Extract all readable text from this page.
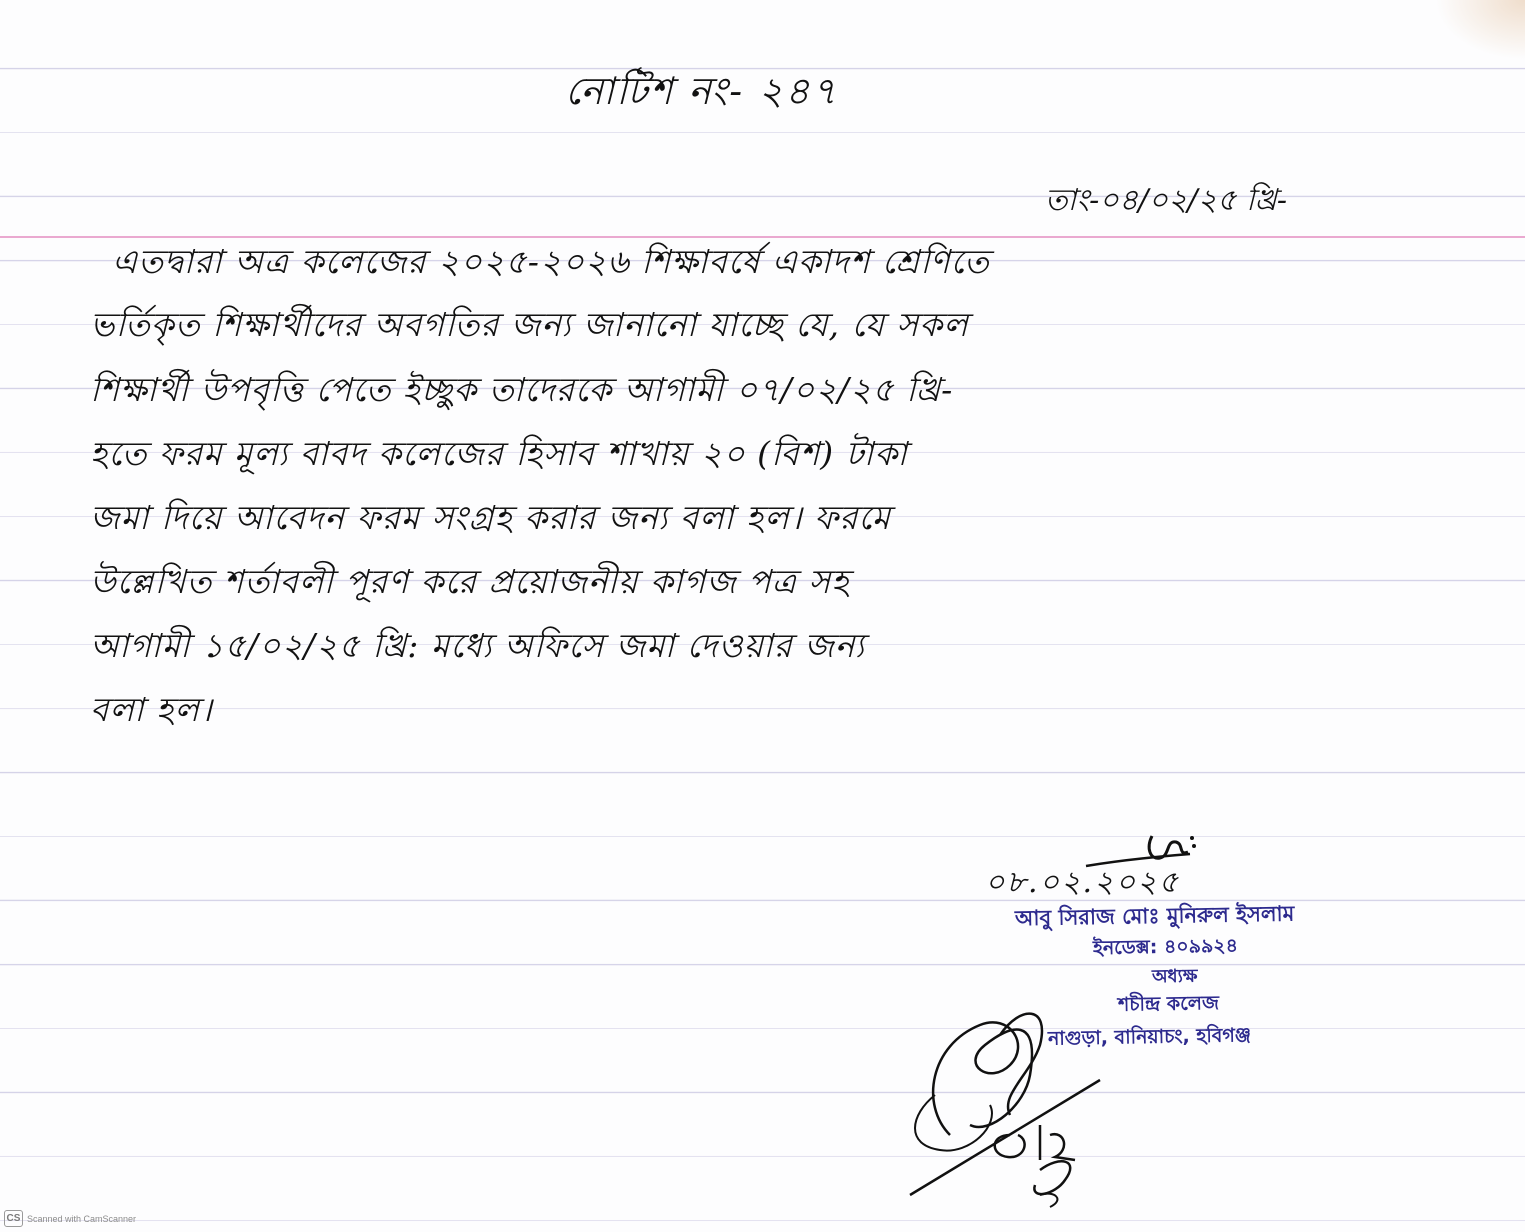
নোটিশ নং- ২৪৭
তাং-০৪/০২/২৫ খ্রি-
এতদ্বারা অত্র কলেজের ২০২৫-২০২৬ শিক্ষাবর্ষে একাদশ শ্রেণিতে
ভর্তিকৃত শিক্ষার্থীদের অবগতির জন্য জানানো যাচ্ছে যে, যে সকল
শিক্ষার্থী উপবৃত্তি পেতে ইচ্ছুক তাদেরকে আগামী ০৭/০২/২৫ খ্রি-
হতে ফরম মূল্য বাবদ কলেজের হিসাব শাখায় ২০ (বিশ) টাকা
জমা দিয়ে আবেদন ফরম সংগ্রহ করার জন্য বলা হল। ফরমে
উল্লেখিত শর্তাবলী পূরণ করে প্রয়োজনীয় কাগজ পত্র সহ
আগামী ১৫/০২/২৫ খ্রি: মধ্যে অফিসে জমা দেওয়ার জন্য
বলা হল।
০৮.০২.২০২৫
আবু সিরাজ মোঃ মুনিরুল ইসলাম
ইনডেক্স: ৪০৯৯২৪
অধ্যক্ষ
শচীন্দ্র কলেজ
নাগুড়া, বানিয়াচং, হবিগঞ্জ
CS Scanned with CamScanner
